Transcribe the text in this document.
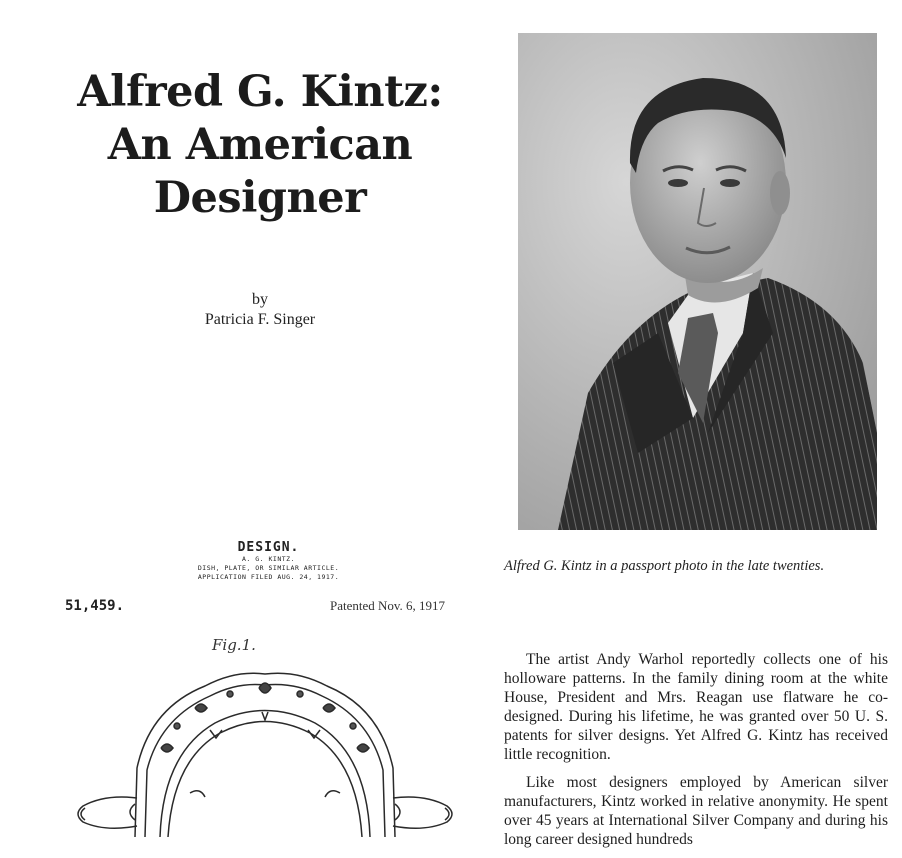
Alfred G. Kintz:
An American
Designer
by
Patricia F. Singer
Alfred G. Kintz in a passport photo in the late twenties.
DESIGN.
A. G. KINTZ.
DISH, PLATE, OR SIMILAR ARTICLE.
APPLICATION FILED AUG. 24, 1917.
51,459.	Patented Nov. 6, 1917
Fig.1.

The artist Andy Warhol reportedly collects one of his holloware patterns. In the family dining room at the white House, President and Mrs. Reagan use flatware he co-designed. During his lifetime, he was granted over 50 U. S. patents for silver designs. Yet Alfred G. Kintz has received little recognition.

Like most designers employed by American silver manufacturers, Kintz worked in relative anonymity. He spent over 45 years at International Silver Company and during his long career designed hundreds
